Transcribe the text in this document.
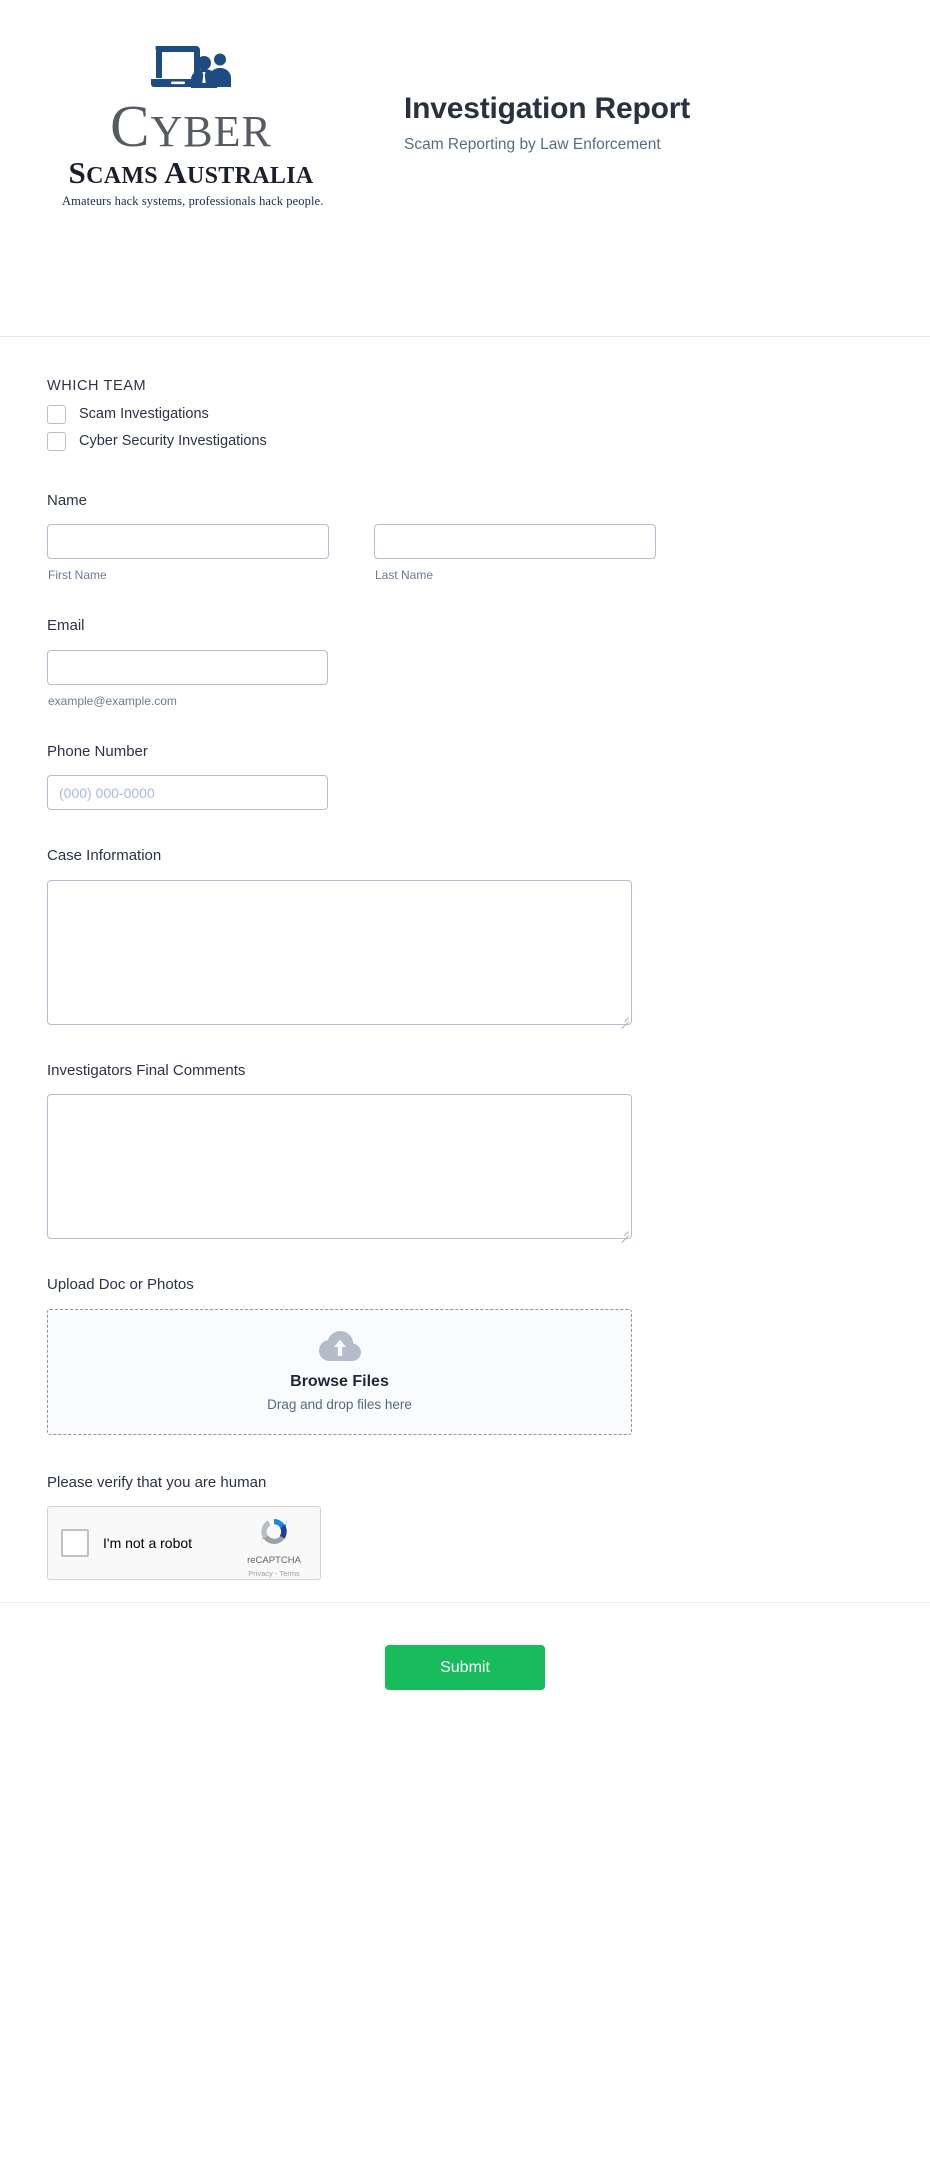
CYBER
SCAMS AUSTRALIA
Amateurs hack systems, professionals hack people.
Investigation Report

Scam Reporting by Law Enforcement

WHICH TEAM
Scam Investigations
Cyber Security Investigations
Name
First Name	Last Name
Email
example@example.com
Phone Number
(000) 000-0000
Case Information
Investigators Final Comments
Upload Doc or Photos
Browse Files
Drag and drop files here
Please verify that you are human
I'm not a robot
reCAPTCHA
Privacy - Terms
Submit
